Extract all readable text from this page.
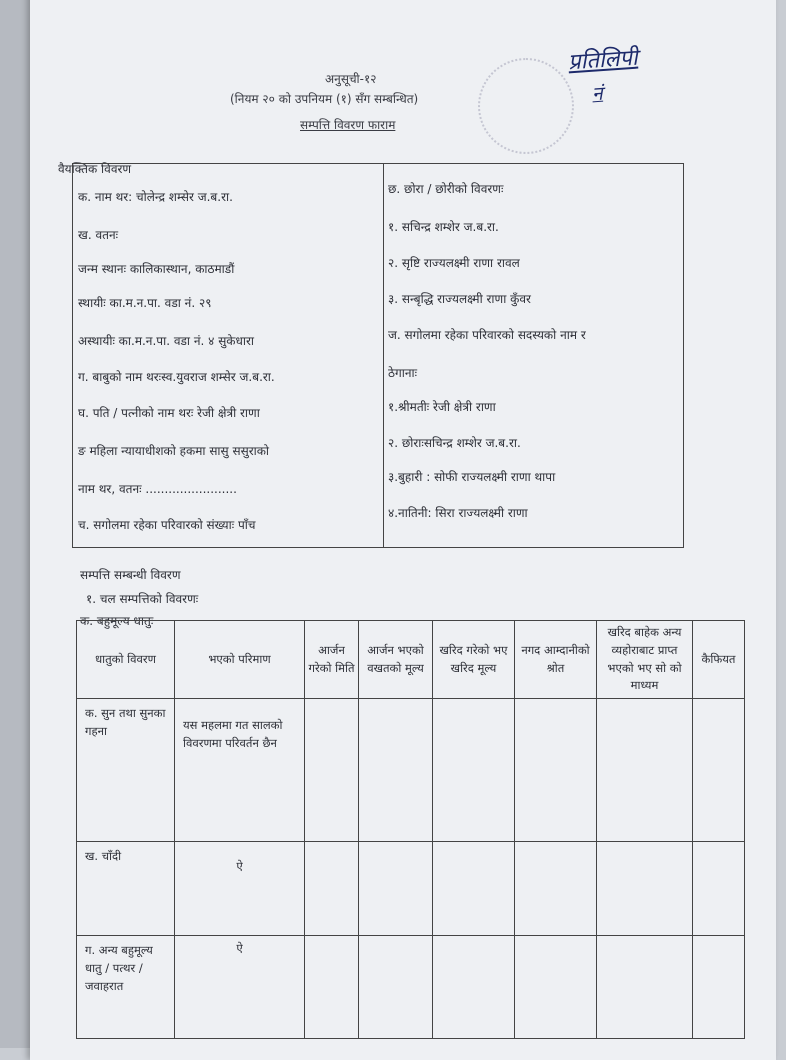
अनुसूची-१२
(नियम २० को उपनियम (१) सँग सम्बन्धित)
सम्पत्ति विवरण फाराम
प्रतिलिपी
नं
वैयक्तिक विवरण
क. नाम थर: चोलेन्द्र शम्सेर ज.ब.रा.
ख. वतनः
जन्म स्थानः कालिकास्थान, काठमाडौं
स्थायीः का.म.न.पा. वडा नं. २९
अस्थायीः का.म.न.पा. वडा नं. ४ सुकेधारा
ग. बाबुको नाम थरःस्व.युवराज शम्सेर ज.ब.रा.
घ. पति / पत्नीको नाम थरः रेजी क्षेत्री राणा
ङ महिला न्यायाधीशको हकमा सासु ससुराको
नाम थर, वतनः ........................
च. सगोलमा रहेका परिवारको संख्याः पाँच
छ. छोरा / छोरीको विवरणः
१. सचिन्द्र शम्शेर ज.ब.रा.
२. सृष्टि राज्यलक्ष्मी राणा रावल
३. सन्बृद्धि राज्यलक्ष्मी राणा कुँवर
ज. सगोलमा रहेका परिवारको सदस्यको नाम र
ठेगानाः
१.श्रीमतीः रेजी क्षेत्री राणा
२. छोराःसचिन्द्र शम्शेर ज.ब.रा.
३.बुहारी : सोफी राज्यलक्ष्मी राणा थापा
४.नातिनी: सिरा राज्यलक्ष्मी राणा
सम्पत्ति सम्बन्धी विवरण
१. चल सम्पत्तिको विवरणः
क. बहुमूल्य धातुः
धातुको विवरण	भएको परिमाण	आर्जन गरेको मिति	आर्जन भएको वखतको मूल्य	खरिद गरेको भए खरिद मूल्य	नगद आम्दानीको श्रोत	खरिद बाहेक अन्य व्यहोराबाट प्राप्त भएको भए सो को माध्यम	कैफियत
क. सुन तथा सुनका गहना	यस महलमा गत सालको विवरणमा परिवर्तन छैन						
ख. चाँदी	ऐ						
ग. अन्य बहुमूल्य धातु / पत्थर / जवाहरात	ऐ						
